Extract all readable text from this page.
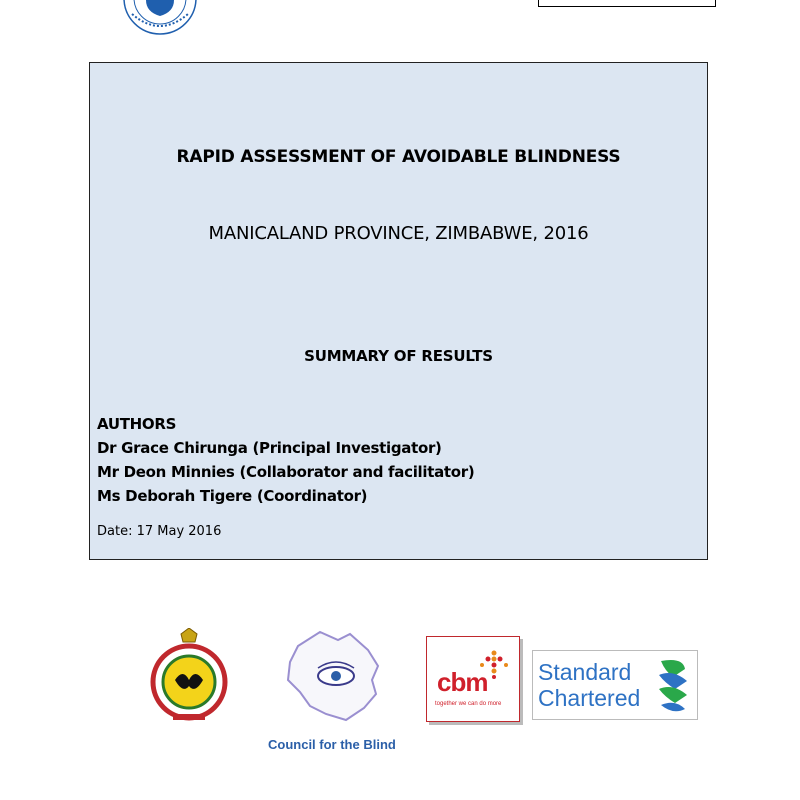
RAPID ASSESSMENT OF AVOIDABLE BLINDNESS
MANICALAND PROVINCE, ZIMBABWE, 2016
SUMMARY OF RESULTS
AUTHORS
Dr Grace Chirunga (Principal Investigator)
Mr Deon Minnies (Collaborator and facilitator)
Ms Deborah Tigere (Coordinator)
Date: 17 May 2016
Council for the Blind
cbm
together we can do more
Standard
Chartered
